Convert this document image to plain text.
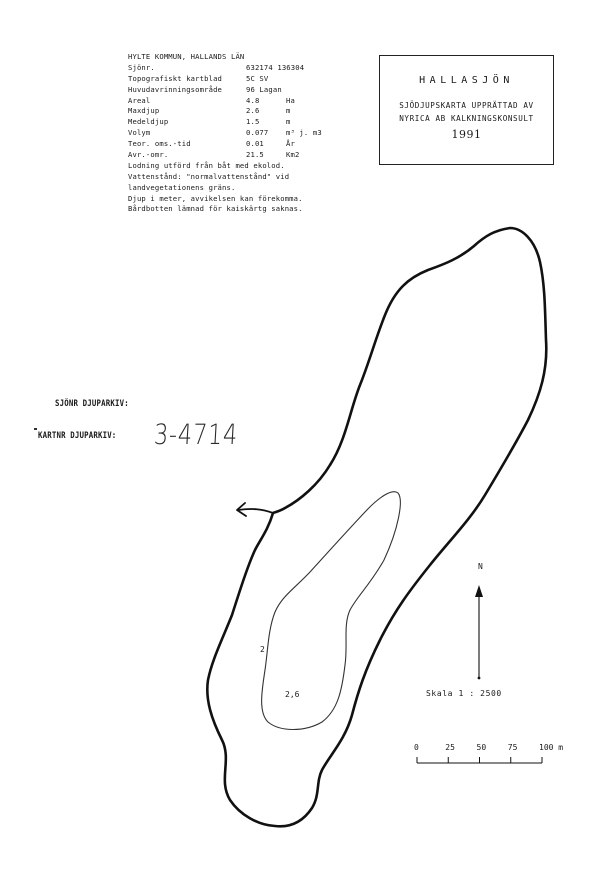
HYLTE KOMMUN, HALLANDS LÄN
Sjönr.	632174 136304
Topografiskt kartblad	5C SV
Huvudavrinningsområde	96 Lagan
Areal	4.8	Ha
Maxdjup	2.6	m
Medeldjup	1.5	m
Volym	0.077 m³ j. m3
Teor. oms.-tid	0.01	År
Avr.-omr.	21.5	Km2
Lodning utförd från båt med ekolod.
Vattenstånd: "normalvattenstånd" vid
landvegetationens gräns.
Djup i meter, avvikelsen kan förekomma.
Bårdbotten lämnad för kaiskärtg saknas.
HALLASJÖN
SJÖDJUPSKARTA UPPRÄTTAD AV
NYRICA AB KALKNINGSKONSULT
1991
SJÖNR DJUPARKIV:
KARTNR DJUPARKIV: 3-4714
2
2,6
N
Skala 1 : 2500
0	25	50	75	100 m
